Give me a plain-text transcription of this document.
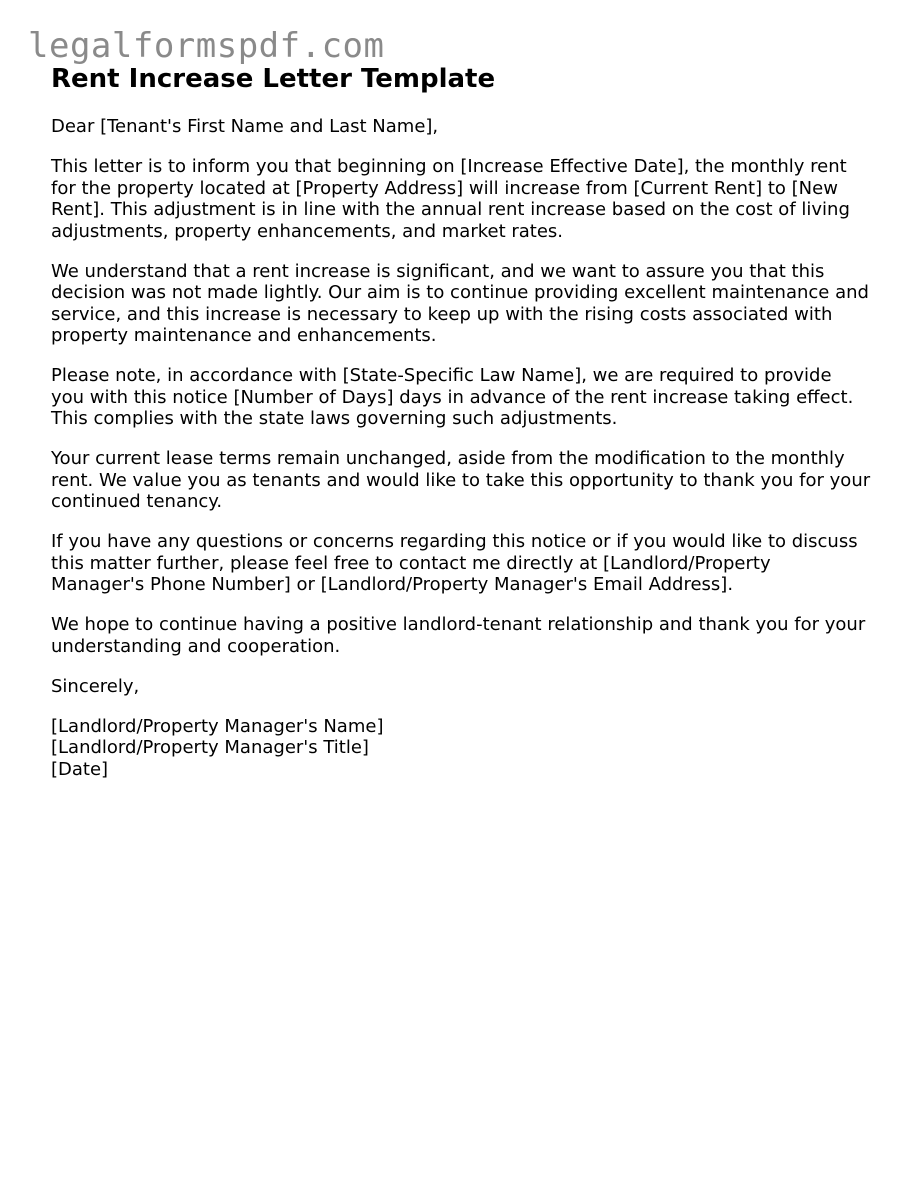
legalformspdf.com
Rent Increase Letter Template

Dear [Tenant's First Name and Last Name],

This letter is to inform you that beginning on [Increase Effective Date], the monthly rent
for the property located at [Property Address] will increase from [Current Rent] to [New
Rent]. This adjustment is in line with the annual rent increase based on the cost of living
adjustments, property enhancements, and market rates.

We understand that a rent increase is significant, and we want to assure you that this
decision was not made lightly. Our aim is to continue providing excellent maintenance and
service, and this increase is necessary to keep up with the rising costs associated with
property maintenance and enhancements.

Please note, in accordance with [State-Specific Law Name], we are required to provide
you with this notice [Number of Days] days in advance of the rent increase taking effect.
This complies with the state laws governing such adjustments.

Your current lease terms remain unchanged, aside from the modification to the monthly
rent. We value you as tenants and would like to take this opportunity to thank you for your
continued tenancy.

If you have any questions or concerns regarding this notice or if you would like to discuss
this matter further, please feel free to contact me directly at [Landlord/Property
Manager's Phone Number] or [Landlord/Property Manager's Email Address].

We hope to continue having a positive landlord-tenant relationship and thank you for your
understanding and cooperation.

Sincerely,

[Landlord/Property Manager's Name]
[Landlord/Property Manager's Title]
[Date]
